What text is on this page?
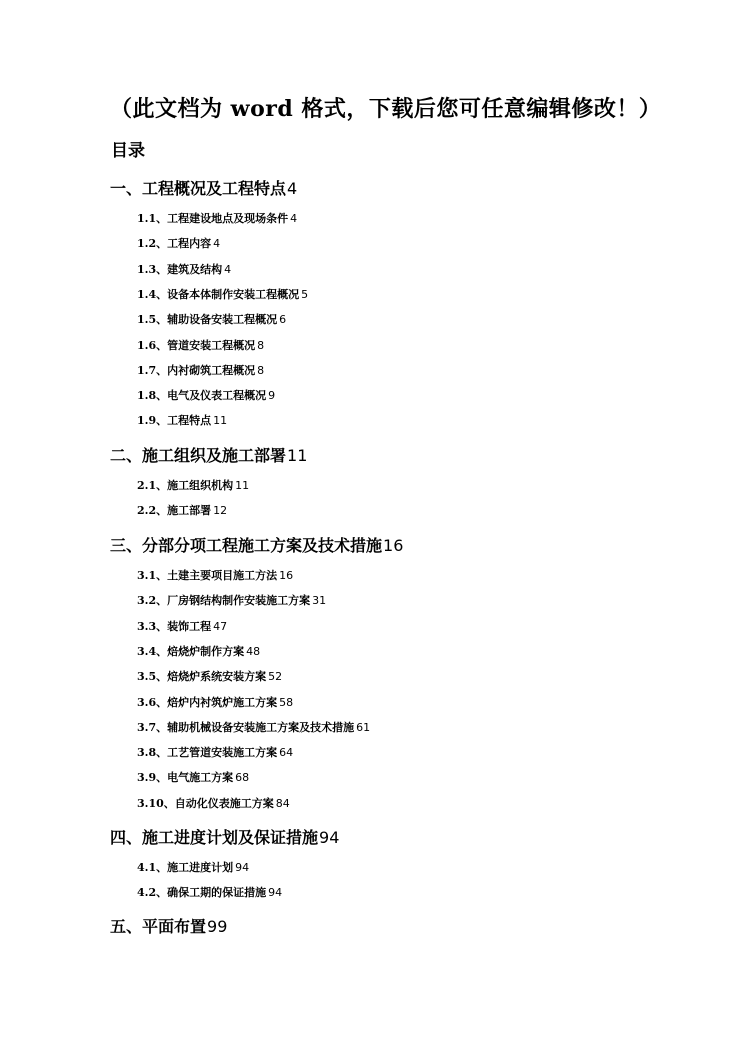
（此文档为 word 格式，下载后您可任意编辑修改！）
目录
一、工程概况及工程特点4
1.1、工程建设地点及现场条件 4
1.2、工程内容 4
1.3、建筑及结构 4
1.4、设备本体制作安装工程概况 5
1.5、辅助设备安装工程概况 6
1.6、管道安装工程概况 8
1.7、内衬砌筑工程概况 8
1.8、电气及仪表工程概况 9
1.9、工程特点 11
二、施工组织及施工部署11
2.1、施工组织机构 11
2.2、施工部署 12
三、分部分项工程施工方案及技术措施16
3.1、土建主要项目施工方法 16
3.2、厂房钢结构制作安装施工方案 31
3.3、装饰工程 47
3.4、焙烧炉制作方案 48
3.5、焙烧炉系统安装方案 52
3.6、焙炉内衬筑炉施工方案 58
3.7、辅助机械设备安装施工方案及技术措施 61
3.8、工艺管道安装施工方案 64
3.9、电气施工方案 68
3.10、自动化仪表施工方案 84
四、施工进度计划及保证措施94
4.1、施工进度计划 94
4.2、确保工期的保证措施 94
五、平面布置99
